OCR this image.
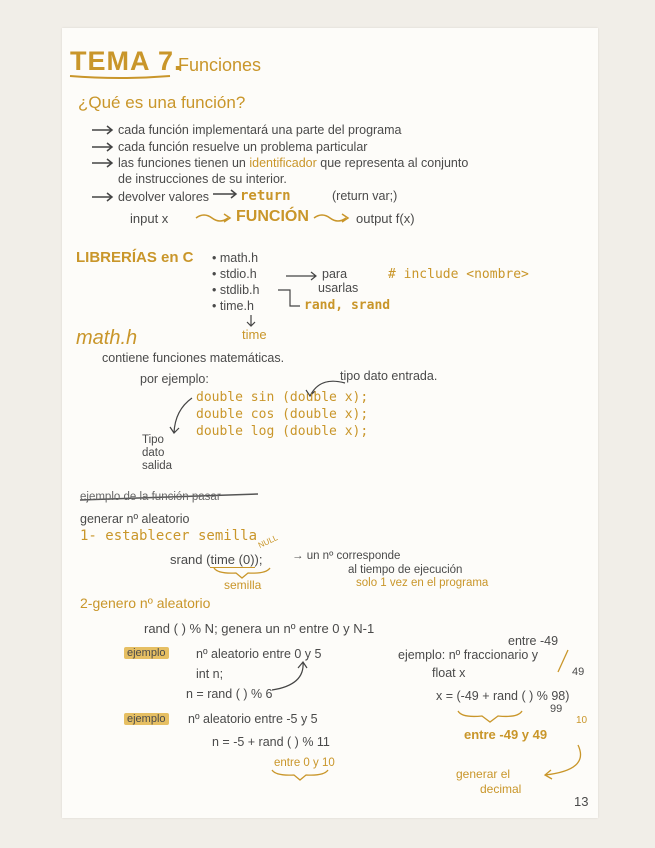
TEMA 7.
Funciones
¿Qué es una función?
cada función implementará una parte del programa
cada función resuelve un problema particular
las funciones tienen un identificador que representa al conjunto
de instrucciones de su interior.
devolver valores return	(return var;)
input x	FUNCIÓN	output f(x)
LIBRERÍAS en C • math.h
• stdio.h
• stdlib.h
• time.h
para
usarlas
# include <nombre>
rand, srand
time
math.h
contiene funciones matemáticas.
por ejemplo:	tipo dato entrada.
double sin (double x);
double cos (double x);
double log (double x);
Tipo
dato
salida
ejemplo de la función pasar
generar nº aleatorio
1- establecer semilla
srand (time (0));
NULL
→ un nº corresponde
al tiempo de ejecución
solo 1 vez en el programa
semilla
2-genero nº aleatorio
rand ( ) % N; genera un nº entre 0 y N-1
ejemplo nº aleatorio entre 0 y 5
int n;
n = rand ( ) % 6
ejemplo nº aleatorio entre -5 y 5
n = -5 + rand ( ) % 11
entre 0 y 10
entre -49
ejemplo: nº fraccionario y
float x	49
x = (-49 + rand ( ) % 98)
99
10
entre -49 y 49
generar el
decimal
13
